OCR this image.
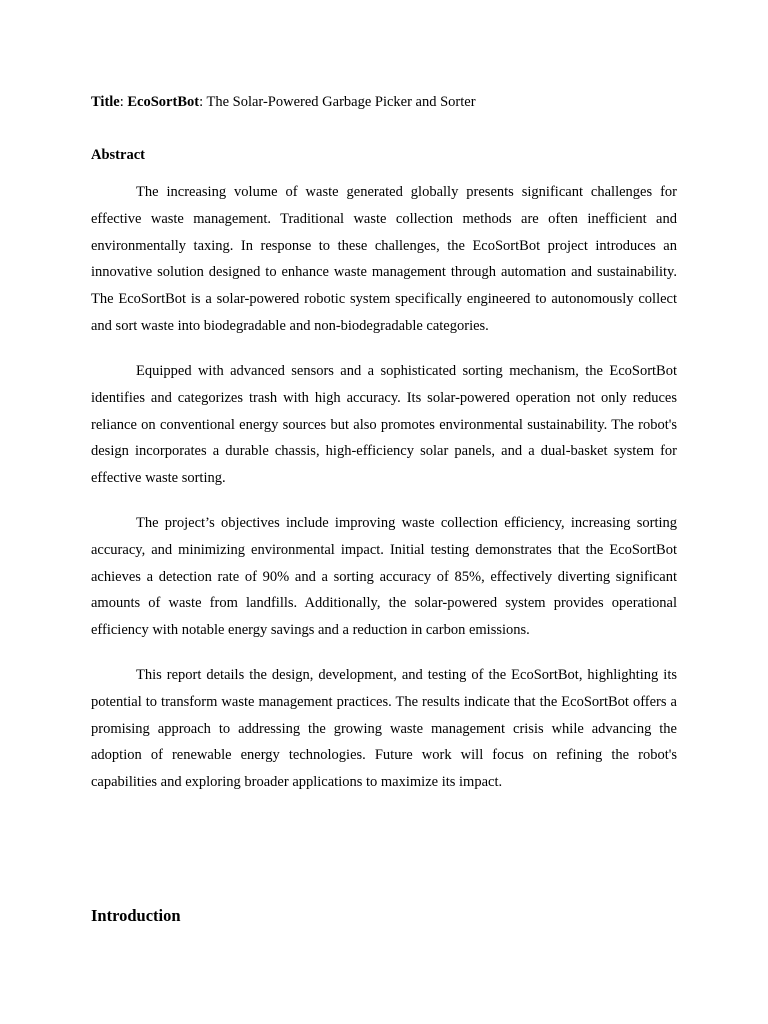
Title: EcoSortBot: The Solar-Powered Garbage Picker and Sorter
Abstract

The increasing volume of waste generated globally presents significant challenges for effective waste management. Traditional waste collection methods are often inefficient and environmentally taxing. In response to these challenges, the EcoSortBot project introduces an innovative solution designed to enhance waste management through automation and sustainability. The EcoSortBot is a solar-powered robotic system specifically engineered to autonomously collect and sort waste into biodegradable and non-biodegradable categories.

Equipped with advanced sensors and a sophisticated sorting mechanism, the EcoSortBot identifies and categorizes trash with high accuracy. Its solar-powered operation not only reduces reliance on conventional energy sources but also promotes environmental sustainability. The robot's design incorporates a durable chassis, high-efficiency solar panels, and a dual-basket system for effective waste sorting.

The project’s objectives include improving waste collection efficiency, increasing sorting accuracy, and minimizing environmental impact. Initial testing demonstrates that the EcoSortBot achieves a detection rate of 90% and a sorting accuracy of 85%, effectively diverting significant amounts of waste from landfills. Additionally, the solar-powered system provides operational efficiency with notable energy savings and a reduction in carbon emissions.

This report details the design, development, and testing of the EcoSortBot, highlighting its potential to transform waste management practices. The results indicate that the EcoSortBot offers a promising approach to addressing the growing waste management crisis while advancing the adoption of renewable energy technologies. Future work will focus on refining the robot's capabilities and exploring broader applications to maximize its impact.

Introduction
